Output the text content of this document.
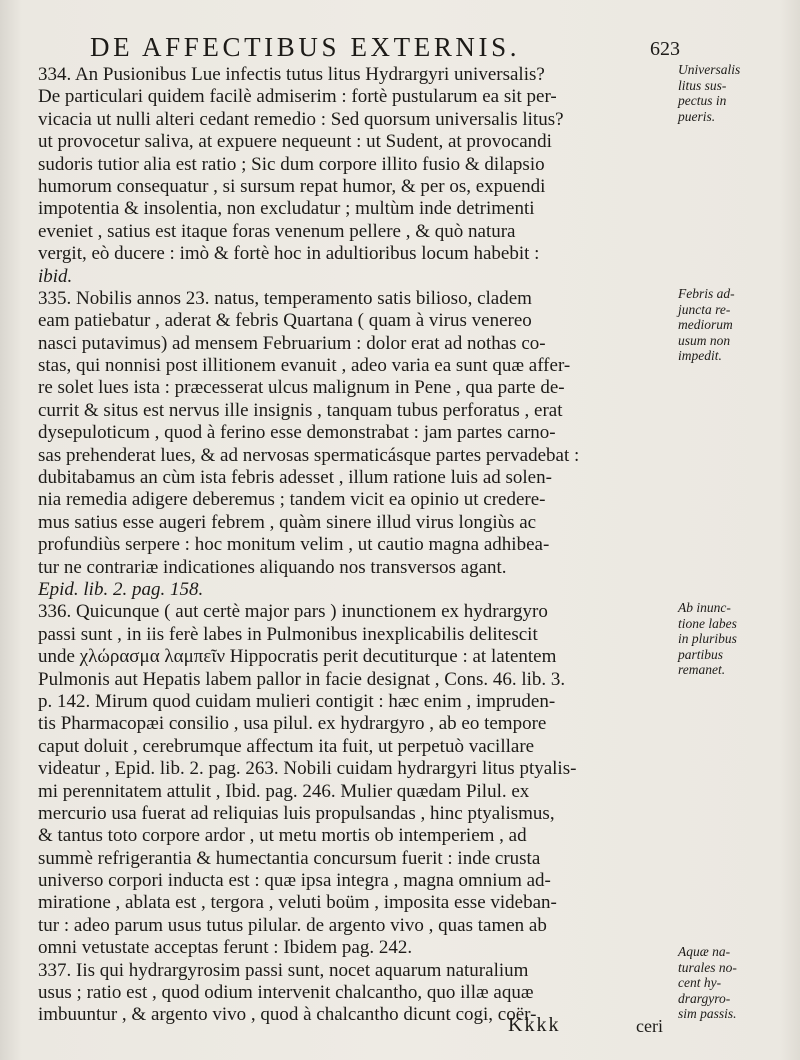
DE AFFECTIBUS EXTERNIS.	623
334. An Pusionibus Lue infectis tutus litus Hydrargyri universalis?
De particulari quidem facilè admiserim : fortè pustularum ea sit per-
vicacia ut nulli alteri cedant remedio : Sed quorsum universalis litus?
ut provocetur saliva, at expuere nequeunt : ut Sudent, at provocandi
sudoris tutior alia est ratio ; Sic dum corpore illito fusio & dilapsio
humorum consequatur , si sursum repat humor, & per os, expuendi
impotentia & insolentia, non excludatur ; multùm inde detrimenti
eveniet , satius est itaque foras venenum pellere , & quò natura
vergit, eò ducere : imò & fortè hoc in adultioribus locum habebit :
ibid.
335. Nobilis annos 23. natus, temperamento satis bilioso, cladem
eam patiebatur , aderat & febris Quartana ( quam à virus venereo
nasci putavimus) ad mensem Februarium : dolor erat ad nothas co-
stas, qui nonnisi post illitionem evanuit , adeo varia ea sunt quæ affer-
re solet lues ista : præcesserat ulcus malignum in Pene , qua parte de-
currit & situs est nervus ille insignis , tanquam tubus perforatus , erat
dysepuloticum , quod à ferino esse demonstrabat : jam partes carno-
sas prehenderat lues, & ad nervosas spermaticásque partes pervadebat :
dubitabamus an cùm ista febris adesset , illum ratione luis ad solen-
nia remedia adigere deberemus ; tandem vicit ea opinio ut credere-
mus satius esse augeri febrem , quàm sinere illud virus longiùs ac
profundiùs serpere : hoc monitum velim , ut cautio magna adhibea-
tur ne contrariæ indicationes aliquando nos transversos agant.
Epid. lib. 2. pag. 158.
336. Quicunque ( aut certè major pars ) inunctionem ex hydrargyro
passi sunt , in iis ferè labes in Pulmonibus inexplicabilis delitescit
unde χλώρασμα λαμπεῖν Hippocratis perit decutiturque : at latentem
Pulmonis aut Hepatis labem pallor in facie designat , Cons. 46. lib. 3.
p. 142. Mirum quod cuidam mulieri contigit : hæc enim , impruden-
tis Pharmacopæi consilio , usa pilul. ex hydrargyro , ab eo tempore
caput doluit , cerebrumque affectum ita fuit, ut perpetuò vacillare
videatur , Epid. lib. 2. pag. 263. Nobili cuidam hydrargyri litus ptyalis-
mi perennitatem attulit , Ibid. pag. 246. Mulier quædam Pilul. ex
mercurio usa fuerat ad reliquias luis propulsandas , hinc ptyalismus,
& tantus toto corpore ardor , ut metu mortis ob intemperiem , ad
summè refrigerantia & humectantia concursum fuerit : inde crusta
universo corpori inducta est : quæ ipsa integra , magna omnium ad-
miratione , ablata est , tergora , veluti boüm , imposita esse videban-
tur : adeo parum usus tutus pilular. de argento vivo , quas tamen ab
omni vetustate acceptas ferunt : Ibidem pag. 242.
337. Iis qui hydrargyrosim passi sunt, nocet aquarum naturalium
usus ; ratio est , quod odium intervenit chalcantho, quo illæ aquæ
imbuuntur , & argento vivo , quod à chalcantho dicunt cogi, coër-
Universalis
litus sus-
pectus in
pueris.
Febris ad-
juncta re-
mediorum
usum non
impedit.
Ab inunc-
tione labes
in pluribus
partibus
remanet.
Aquæ na-
turales no-
cent hy-
drargyro-
sim passis.
Kkkk	ceri
